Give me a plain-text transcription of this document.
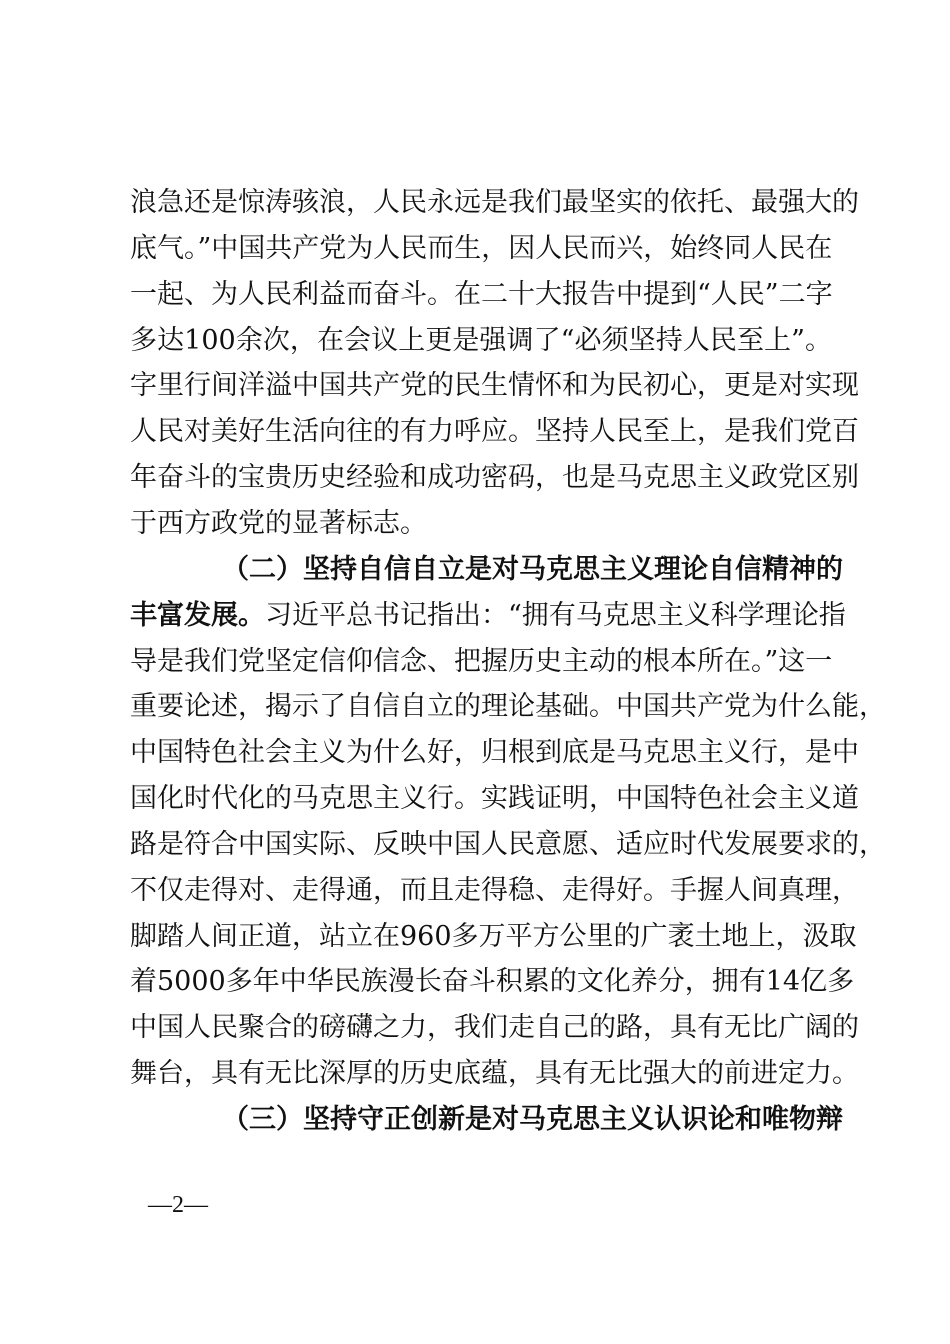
浪急还是惊涛骇浪，人民永远是我们最坚实的依托、最强大的
底气。”中国共产党为人民而生，因人民而兴，始终同人民在
一起、为人民利益而奋斗。在二十大报告中提到“人民”二字
多达100余次，在会议上更是强调了“必须坚持人民至上”。
字里行间洋溢中国共产党的民生情怀和为民初心，更是对实现
人民对美好生活向往的有力呼应。坚持人民至上，是我们党百
年奋斗的宝贵历史经验和成功密码，也是马克思主义政党区别
于西方政党的显著标志。
（二）坚持自信自立是对马克思主义理论自信精神的
丰富发展。习近平总书记指出：“拥有马克思主义科学理论指
导是我们党坚定信仰信念、把握历史主动的根本所在。”这一
重要论述，揭示了自信自立的理论基础。中国共产党为什么能，
中国特色社会主义为什么好，归根到底是马克思主义行，是中
国化时代化的马克思主义行。实践证明，中国特色社会主义道
路是符合中国实际、反映中国人民意愿、适应时代发展要求的，
不仅走得对、走得通，而且走得稳、走得好。手握人间真理，
脚踏人间正道，站立在960多万平方公里的广袤土地上，汲取
着5000多年中华民族漫长奋斗积累的文化养分，拥有14亿多
中国人民聚合的磅礴之力，我们走自己的路，具有无比广阔的
舞台，具有无比深厚的历史底蕴，具有无比强大的前进定力。
（三）坚持守正创新是对马克思主义认识论和唯物辩
—2—
